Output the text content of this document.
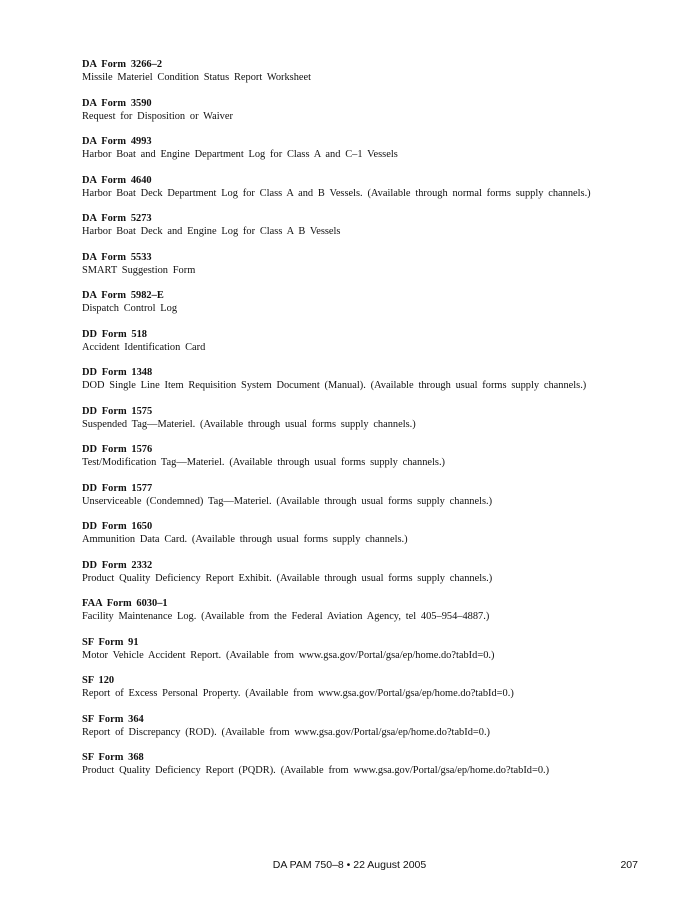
DA Form 3266–2
Missile Materiel Condition Status Report Worksheet
DA Form 3590
Request for Disposition or Waiver
DA Form 4993
Harbor Boat and Engine Department Log for Class A and C–1 Vessels
DA Form 4640
Harbor Boat Deck Department Log for Class A and B Vessels. (Available through normal forms supply channels.)
DA Form 5273
Harbor Boat Deck and Engine Log for Class A B Vessels
DA Form 5533
SMART Suggestion Form
DA Form 5982–E
Dispatch Control Log
DD Form 518
Accident Identification Card
DD Form 1348
DOD Single Line Item Requisition System Document (Manual). (Available through usual forms supply channels.)
DD Form 1575
Suspended Tag—Materiel. (Available through usual forms supply channels.)
DD Form 1576
Test/Modification Tag—Materiel. (Available through usual forms supply channels.)
DD Form 1577
Unserviceable (Condemned) Tag—Materiel. (Available through usual forms supply channels.)
DD Form 1650
Ammunition Data Card. (Available through usual forms supply channels.)
DD Form 2332
Product Quality Deficiency Report Exhibit. (Available through usual forms supply channels.)
FAA Form 6030–1
Facility Maintenance Log. (Available from the Federal Aviation Agency, tel 405–954–4887.)
SF Form 91
Motor Vehicle Accident Report. (Available from www.gsa.gov/Portal/gsa/ep/home.do?tabId=0.)
SF 120
Report of Excess Personal Property. (Available from www.gsa.gov/Portal/gsa/ep/home.do?tabId=0.)
SF Form 364
Report of Discrepancy (ROD). (Available from www.gsa.gov/Portal/gsa/ep/home.do?tabId=0.)
SF Form 368
Product Quality Deficiency Report (PQDR). (Available from www.gsa.gov/Portal/gsa/ep/home.do?tabId=0.)
DA PAM 750–8 • 22 August 2005	207
